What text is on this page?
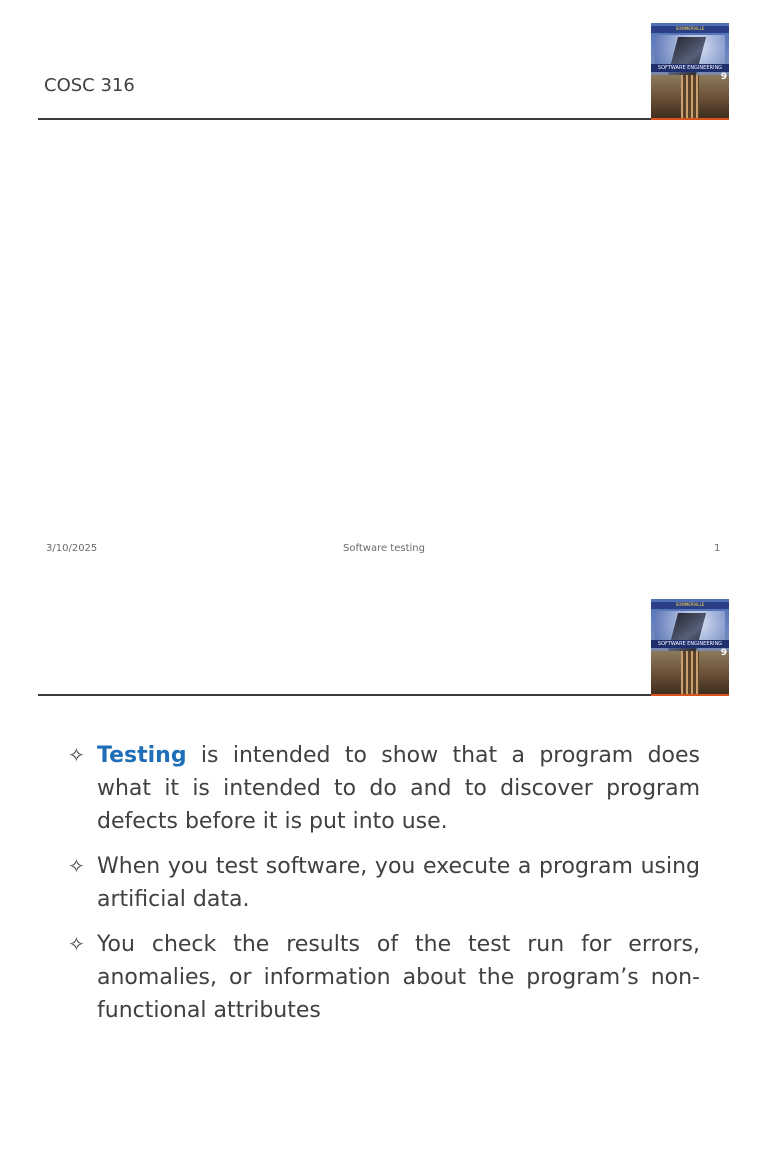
COSC 316
SOMMERVILLE
SOFTWARE ENGINEERING
9
3/10/2025	Software testing	1
SOMMERVILLE
SOFTWARE ENGINEERING
9
✧ Testing is intended to show that a program does what it is intended to do and to discover program defects before it is put into use.
✧ When you test software, you execute a program using artificial data.
✧ You check the results of the test run for errors, anomalies, or information about the program’s non-functional attributes
